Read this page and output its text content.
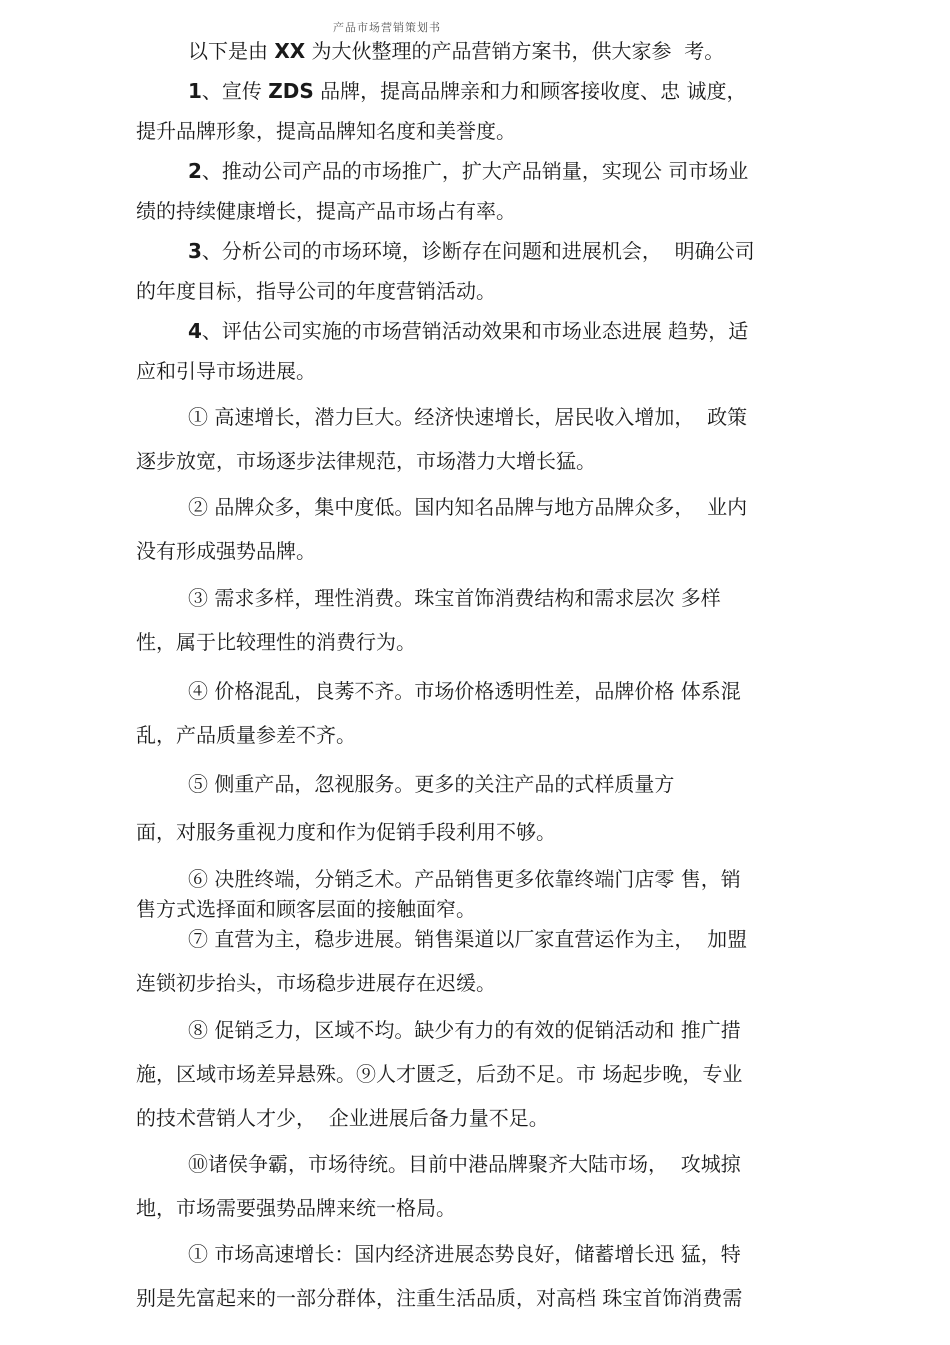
产品市场营销策划书
以下是由 XX 为大伙整理的产品营销方案书，供大家参  考。
1、宣传 ZDS 品牌，提高品牌亲和力和顾客接收度、忠 诚度，
提升品牌形象，提高品牌知名度和美誉度。
2、推动公司产品的市场推广，扩大产品销量，实现公 司市场业
绩的持续健康增长，提高产品市场占有率。
3、分析公司的市场环境，诊断存在问题和进展机会，  明确公司
的年度目标，指导公司的年度营销活动。
4、评估公司实施的市场营销活动效果和市场业态进展 趋势，适
应和引导市场进展。
① 高速增长，潜力巨大。经济快速增长，居民收入增加，  政策
逐步放宽，市场逐步法律规范，市场潜力大增长猛。
② 品牌众多，集中度低。国内知名品牌与地方品牌众多，  业内
没有形成强势品牌。
③ 需求多样，理性消费。珠宝首饰消费结构和需求层次 多样
性，属于比较理性的消费行为。
④ 价格混乱，良莠不齐。市场价格透明性差，品牌价格 体系混
乱，产品质量参差不齐。
⑤ 侧重产品，忽视服务。更多的关注产品的式样质量方
面，对服务重视力度和作为促销手段利用不够。
⑥ 决胜终端，分销乏术。产品销售更多依靠终端门店零 售，销
售方式选择面和顾客层面的接触面窄。
⑦ 直营为主，稳步进展。销售渠道以厂家直营运作为主，  加盟
连锁初步抬头，市场稳步进展存在迟缓。
⑧ 促销乏力，区域不均。缺少有力的有效的促销活动和 推广措
施，区域市场差异悬殊。⑨人才匮乏，后劲不足。市 场起步晚，专业
的技术营销人才少，  企业进展后备力量不足。
⑩诸侯争霸，市场待统。目前中港品牌聚齐大陆市场，  攻城掠
地，市场需要强势品牌来统一格局。
① 市场高速增长：国内经济进展态势良好，储蓄增长迅 猛，特
别是先富起来的一部分群体，注重生活品质，对高档 珠宝首饰消费需
